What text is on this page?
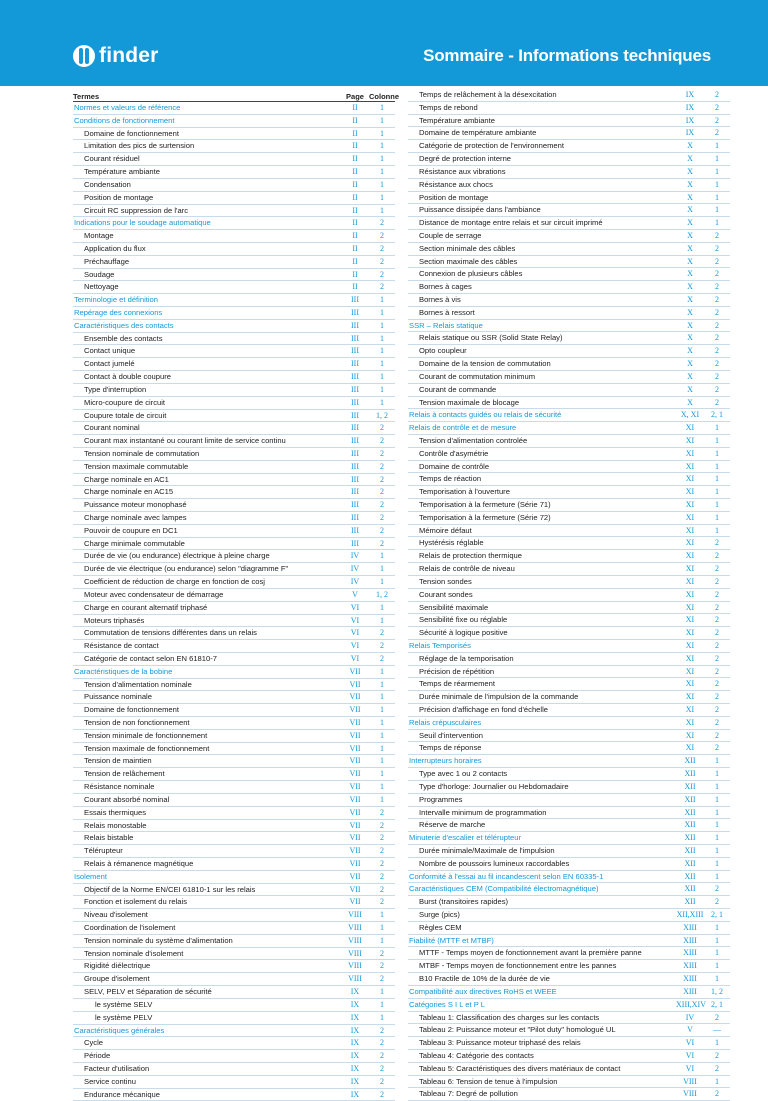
finder	Sommaire - Informations techniques
Termes	Page Colonne
Normes et valeurs de référence	II	1
Conditions de fonctionnement	II	1
Domaine de fonctionnement	II	1
Limitation des pics de surtension	II	1
Courant résiduel	II	1
Température ambiante	II	1
Condensation	II	1
Position de montage	II	1
Circuit RC suppression de l'arc	II	1
Indications pour le soudage automatique	II	2
Montage	II	2
Application du flux	II	2
Préchauffage	II	2
Soudage	II	2
Nettoyage	II	2
Terminologie et définition	III	1
Repérage des connexions	III	1
Caractéristiques des contacts	III	1
Ensemble des contacts	III	1
Contact unique	III	1
Contact jumelé	III	1
Contact à double coupure	III	1
Type d'interruption	III	1
Micro-coupure de circuit	III	1
Coupure totale de circuit	III	1, 2
Courant nominal	III	2
Courant max instantané ou courant limite de service continu	III	2
Tension nominale de commutation	III	2
Tension maximale commutable	III	2
Charge nominale en AC1	III	2
Charge nominale en AC15	III	2
Puissance moteur monophasé	III	2
Charge nominale avec lampes	III	2
Pouvoir de coupure en DC1	III	2
Charge minimale commutable	III	2
Durée de vie (ou endurance) électrique à pleine charge	IV	1
Durée de vie électrique (ou endurance) selon "diagramme F"	IV	1
Coefficient de réduction de charge en fonction de cosj	IV	1
Moteur avec condensateur de démarrage	V	1, 2
Charge en courant alternatif triphasé	VI	1
Moteurs triphasés	VI	1
Commutation de tensions différentes dans un relais	VI	2
Résistance de contact	VI	2
Catégorie de contact selon EN 61810-7	VI	2
Caractéristiques de la bobine	VII	1
Tension d'alimentation nominale	VII	1
Puissance nominale	VII	1
Domaine de fonctionnement	VII	1
Tension de non fonctionnement	VII	1
Tension minimale de fonctionnement	VII	1
Tension maximale de fonctionnement	VII	1
Tension de maintien	VII	1
Tension de relâchement	VII	1
Résistance nominale	VII	1
Courant absorbé nominal	VII	1
Essais thermiques	VII	2
Relais monostable	VII	2
Relais bistable	VII	2
Télérupteur	VII	2
Relais à rémanence magnétique	VII	2
Isolement	VII	2
Objectif de la Norme EN/CEI 61810-1 sur les relais	VII	2
Fonction et isolement du relais	VII	2
Niveau d'isolement	VIII	1
Coordination de l'isolement	VIII	1
Tension nominale du système d'alimentation	VIII	1
Tension nominale d'isolement	VIII	2
Rigidité diélectrique	VIII	2
Groupe d'isolement	VIII	2
SELV, PELV et Séparation de sécurité	IX	1
le système SELV	IX	1
le système PELV	IX	1
Caractéristiques générales	IX	2
Cycle	IX	2
Période	IX	2
Facteur d'utilisation	IX	2
Service continu	IX	2
Endurance mécanique	IX	2
Temps de relâchement à la désexcitation	IX	2
Temps de rebond	IX	2
Température ambiante	IX	2
Domaine de température ambiante	IX	2
Catégorie de protection de l'environnement	X	1
Degré de protection interne	X	1
Résistance aux vibrations	X	1
Résistance aux chocs	X	1
Position de montage	X	1
Puissance dissipée dans l'ambiance	X	1
Distance de montage entre relais et sur circuit imprimé	X	1
Couple de serrage	X	2
Section minimale des câbles	X	2
Section maximale des câbles	X	2
Connexion de plusieurs câbles	X	2
Bornes à cages	X	2
Bornes à vis	X	2
Bornes à ressort	X	2
SSR – Relais statique	X	2
Relais statique ou SSR (Solid State Relay)	X	2
Opto coupleur	X	2
Domaine de la tension de commutation	X	2
Courant de commutation minimum	X	2
Courant de commande	X	2
Tension maximale de blocage	X	2
Relais à contacts guidés ou relais de sécurité	X, XI	2, 1
Relais de contrôle et de mesure	XI	1
Tension d'alimentation controlée	XI	1
Contrôle d'asymétrie	XI	1
Domaine de contrôle	XI	1
Temps de réaction	XI	1
Temporisation à l'ouverture	XI	1
Temporisation à la fermeture (Série 71)	XI	1
Temporisation à la fermeture (Série 72)	XI	1
Mémoire défaut	XI	1
Hystérésis réglable	XI	2
Relais de protection thermique	XI	2
Relais de contrôle de niveau	XI	2
Tension sondes	XI	2
Courant sondes	XI	2
Sensibilité maximale	XI	2
Sensibilité fixe ou réglable	XI	2
Sécurité à logique positive	XI	2
Relais Temporisés	XI	2
Réglage de la temporisation	XI	2
Précision de répétition	XI	2
Temps de réarmement	XI	2
Durée minimale de l'impulsion de la commande	XI	2
Précision d'affichage en fond d'échelle	XI	2
Relais crépusculaires	XI	2
Seuil d'intervention	XI	2
Temps de réponse	XI	2
Interrupteurs horaires	XII	1
Type avec 1 ou 2 contacts	XII	1
Type d'horloge: Journalier ou Hebdomadaire	XII	1
Programmes	XII	1
Intervalle minimum de programmation	XII	1
Réserve de marche	XII	1
Minuterie d'escalier et télérupteur	XII	1
Durée minimale/Maximale de l'impulsion	XII	1
Nombre de poussoirs lumineux raccordables	XII	1
Conformité à l'essai au fil incandescent selon EN 60335-1	XII	1
Caractéristiques CEM (Compatibilité électromagnétique)	XII	2
Burst (transitoires rapides)	XII	2
Surge (pics)	XII,XIII 2, 1
Règles CEM	XIII	1
Fiabilité (MTTF et MTBF)	XIII	1
MTTF - Temps moyen de fonctionnement avant la première panne	XIII	1
MTBF - Temps moyen de fonctionnement entre les pannes	XIII	1
B10 Fractile de 10% de la durée de vie	XIII	1
Compatibilité aux directives RoHS et WEEE	XIII	1, 2
Catégories S I L et P L	XIII,XIV 2, 1
Tableau 1: Classification des charges sur les contacts	IV	2
Tableau 2: Puissance moteur et "Pilot duty" homologué UL	V	—
Tableau 3: Puissance moteur triphasé des relais	VI	1
Tableau 4: Catégorie des contacts	VI	2
Tableau 5: Caractéristiques des divers matériaux de contact	VI	2
Tableau 6: Tension de tenue à l'impulsion	VIII	1
Tableau 7: Degré de pollution	VIII	2
